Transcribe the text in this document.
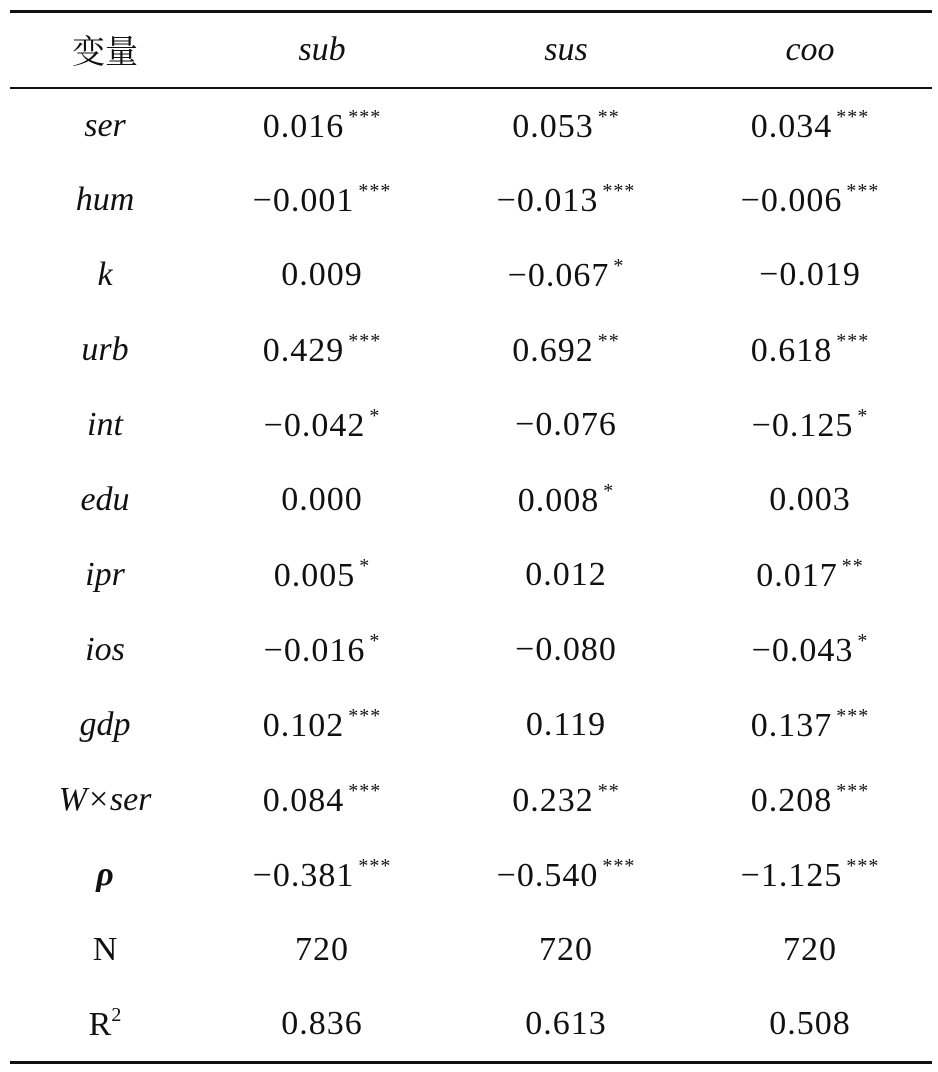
变量	sub	sus	coo
ser	0.016 ***	0.053 **	0.034 ***
hum	−0.001 ***	−0.013 ***	−0.006 ***
k	0.009	−0.067 *	−0.019
urb	0.429 ***	0.692 **	0.618 ***
int	−0.042 *	−0.076	−0.125 *
edu	0.000	0.008 *	0.003
ipr	0.005 *	0.012	0.017 **
ios	−0.016 *	−0.080	−0.043 *
gdp	0.102 ***	0.119	0.137 ***
W×ser	0.084 ***	0.232 **	0.208 ***
ρ	−0.381 ***	−0.540 ***	−1.125 ***
N	720	720	720
$R^2$	0.836	0.613	0.508
